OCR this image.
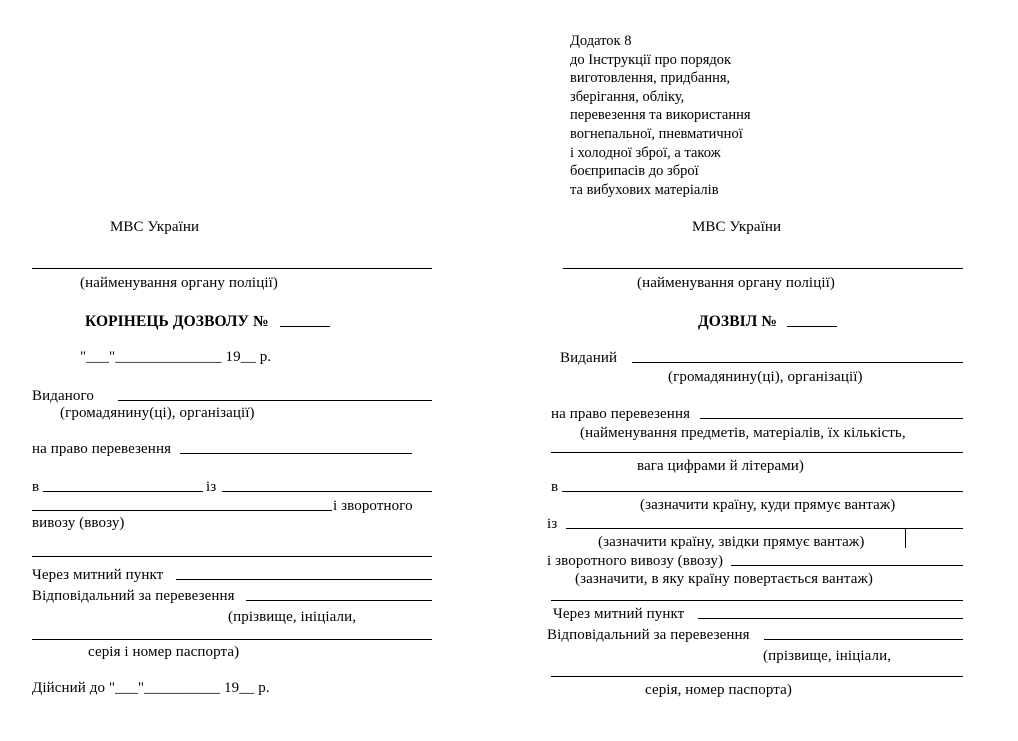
Додаток 8
до Інструкції про порядок
виготовлення, придбання,
зберігання, обліку,
перевезення та використання
вогнепальної, пневматичної
і холодної зброї, а також
боєприпасів до зброї
та вибухових матеріалів
МВС України
(найменування органу поліції)
КОРІНЕЦЬ ДОЗВОЛУ №
"___"______________ 19__ р.
Виданого
(громадянину(ці), організації)
на право перевезення
в	із
і зворотного
вивозу (ввозу)
Через митний пункт
Відповідальний за перевезення
(прізвище, ініціали,
серія і номер паспорта)
Дійсний до "___"__________ 19__ р.
МВС України
(найменування органу поліції)
ДОЗВІЛ №
Виданий
(громадянину(ці), організації)
на право перевезення
(найменування предметів, матеріалів, їх кількість,
вага цифрами й літерами)
в
(зазначити країну, куди прямує вантаж)
із
(зазначити країну, звідки прямує вантаж)
і зворотного вивозу (ввозу)
(зазначити, в яку країну повертається вантаж)
Через митний пункт
Відповідальний за перевезення
(прізвище, ініціали,
серія, номер паспорта)
